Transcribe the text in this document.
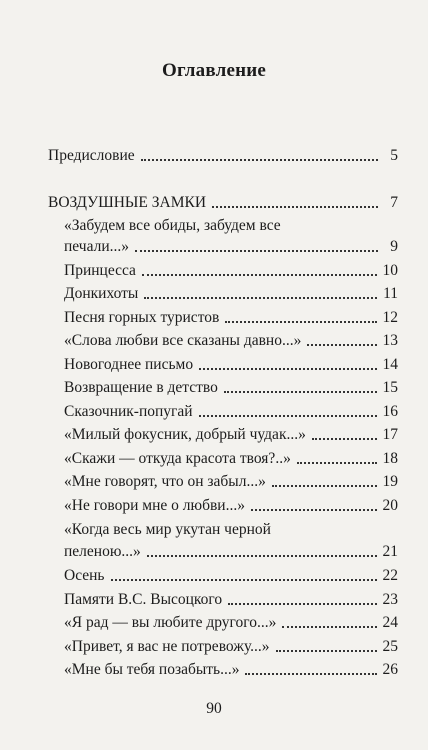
Оглавление
Предисловие	5
ВОЗДУШНЫЕ ЗАМКИ	7
«Забудем все обиды, забудем все
печали...»	9
Принцесса	10
Донкихоты	11
Песня горных туристов	12
«Слова любви все сказаны давно...»	13
Новогоднее письмо	14
Возвращение в детство	15
Сказочник-попугай	16
«Милый фокусник, добрый чудак...»	17
«Скажи — откуда красота твоя?..»	18
«Мне говорят, что он забыл...»	19
«Не говори мне о любви...»	20
«Когда весь мир укутан черной
пеленою...»	21
Осень	22
Памяти В.С. Высоцкого	23
«Я рад — вы любите другого...»	24
«Привет, я вас не потревожу...»	25
«Мне бы тебя позабыть...»	26
90
